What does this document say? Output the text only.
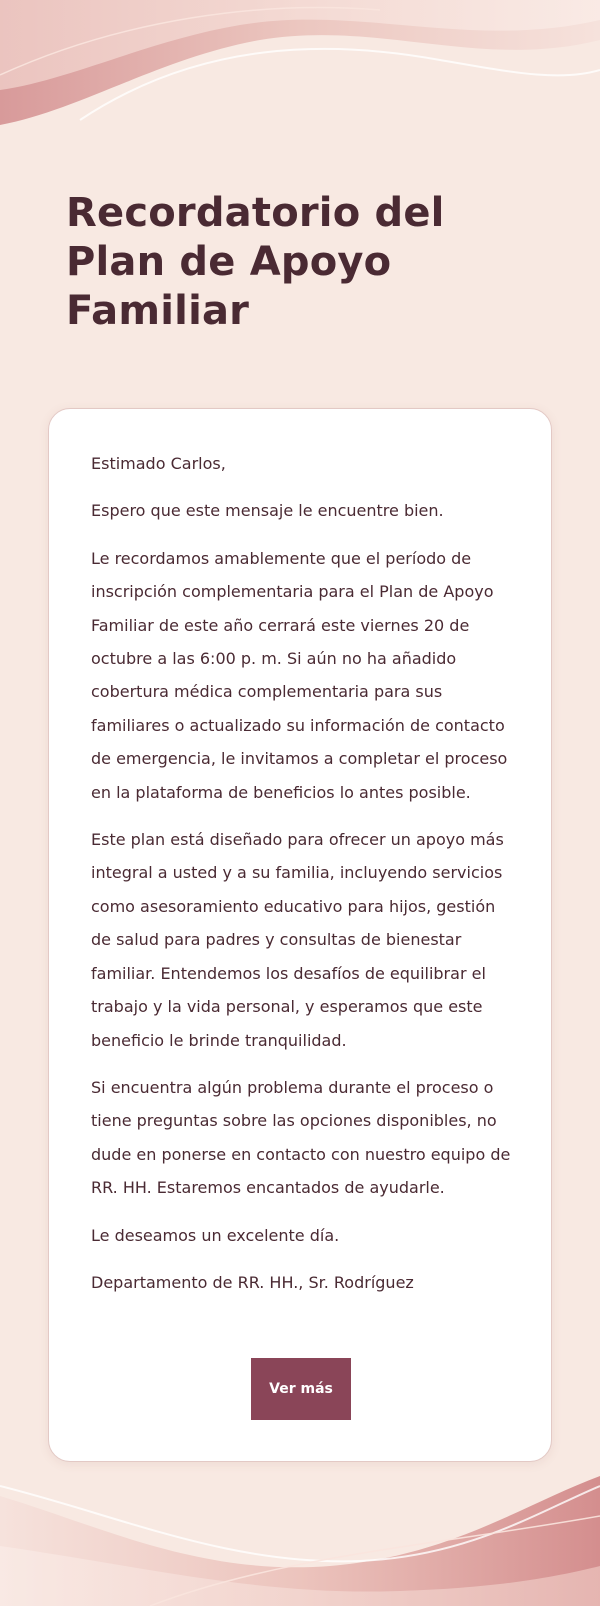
Recordatorio del Plan de Apoyo Familiar

Estimado Carlos,

Espero que este mensaje le encuentre bien.

Le recordamos amablemente que el período de inscripción complementaria para el Plan de Apoyo Familiar de este año cerrará este viernes 20 de octubre a las 6:00 p. m. Si aún no ha añadido cobertura médica complementaria para sus familiares o actualizado su información de contacto de emergencia, le invitamos a completar el proceso en la plataforma de beneficios lo antes posible.

Este plan está diseñado para ofrecer un apoyo más integral a usted y a su familia, incluyendo servicios como asesoramiento educativo para hijos, gestión de salud para padres y consultas de bienestar familiar. Entendemos los desafíos de equilibrar el trabajo y la vida personal, y esperamos que este beneficio le brinde tranquilidad.

Si encuentra algún problema durante el proceso o tiene preguntas sobre las opciones disponibles, no dude en ponerse en contacto con nuestro equipo de RR. HH. Estaremos encantados de ayudarle.

Le deseamos un excelente día.

Departamento de RR. HH., Sr. Rodríguez

Ver más
